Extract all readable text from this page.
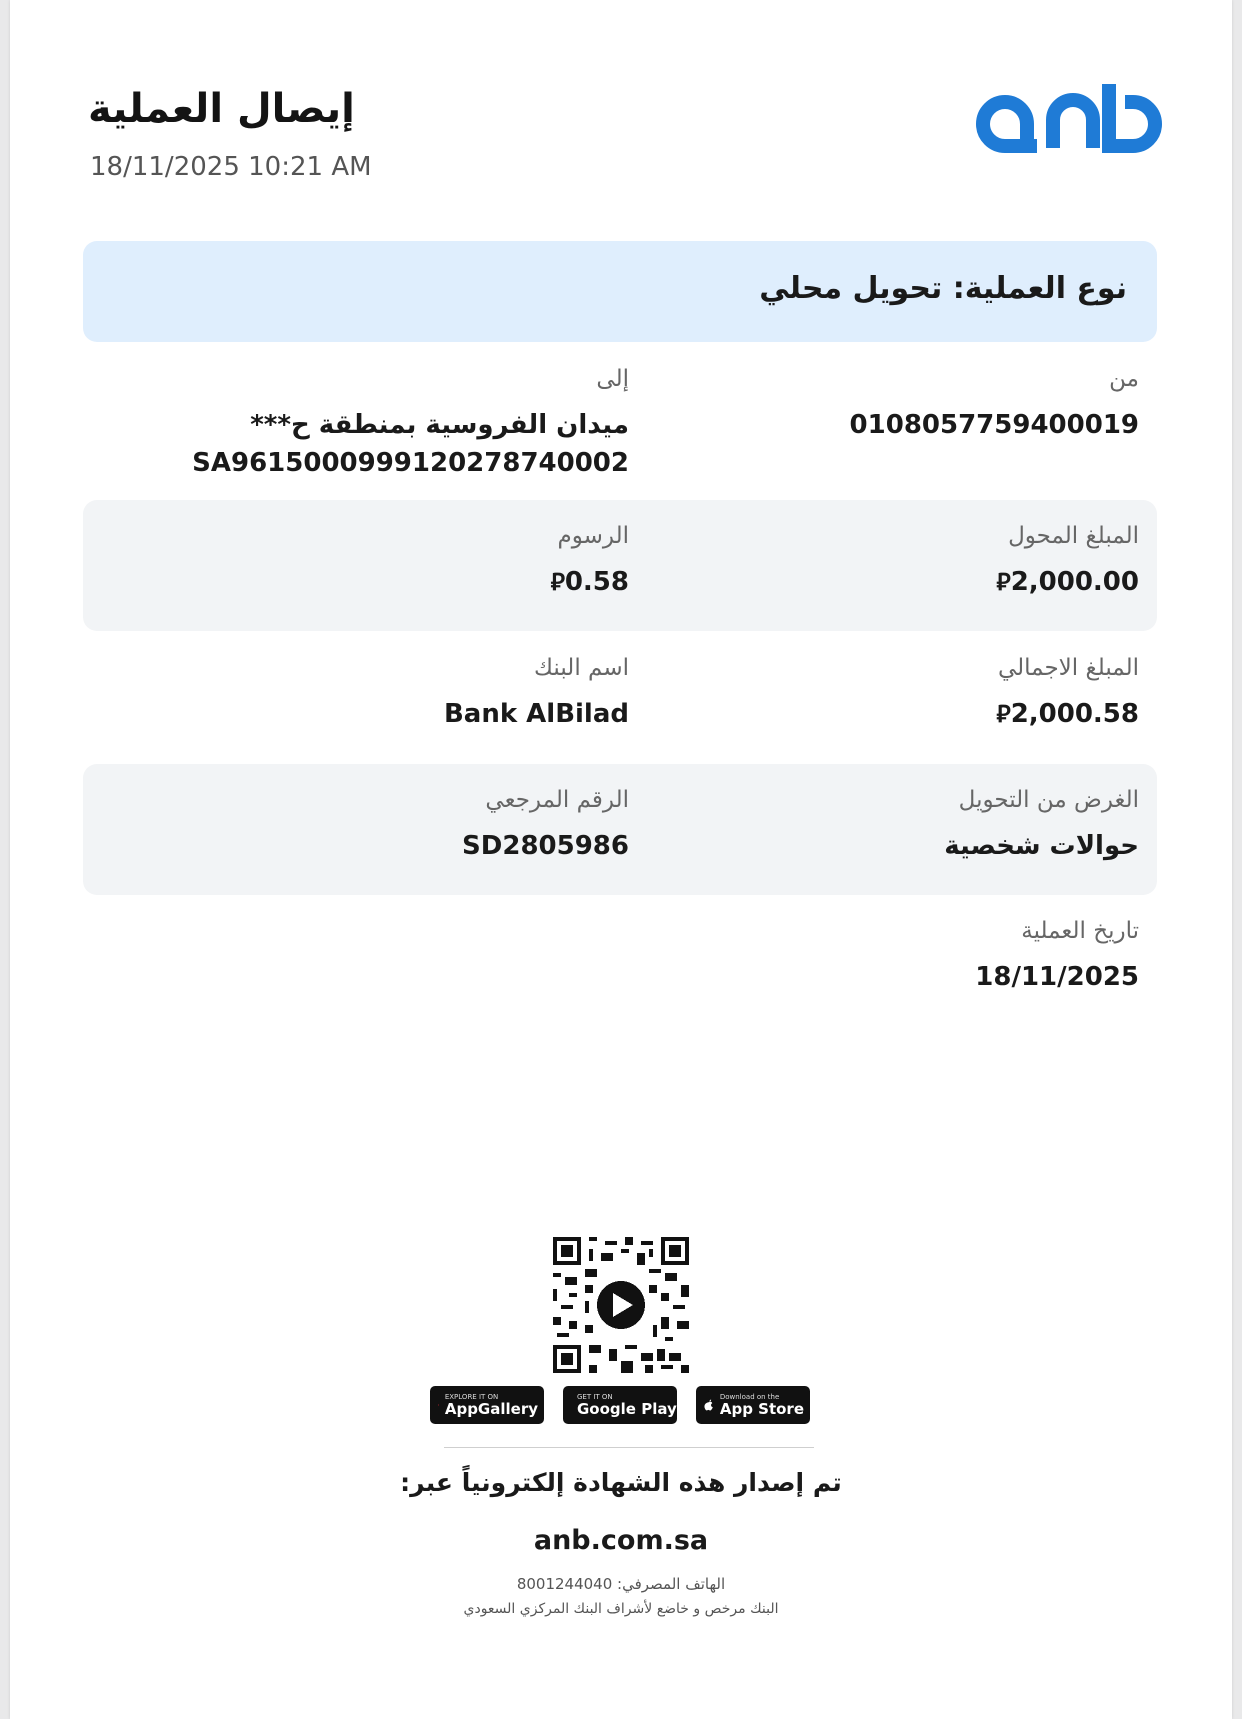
إيصال العملية
18/11/2025 10:21 AM
نوع العملية: تحويل محلي
من
0108057759400019
إلى
ميدان الفروسية بمنطقة ح***
SA9615000999120278740002
المبلغ المحول
⃁2,000.00
الرسوم
⃁0.58
المبلغ الاجمالي
⃁2,000.58
اسم البنك
Bank AlBilad
الغرض من التحويل
حوالات شخصية
الرقم المرجعي
SD2805986
تاريخ العملية
18/11/2025
EXPLORE IT ON
AppGallery
GET IT ON
Google Play
Download on the
App Store
تم إصدار هذه الشهادة إلكترونياً عبر:
anb.com.sa
الهاتف المصرفي: 8001244040
البنك مرخص و خاضع لأشراف البنك المركزي السعودي
